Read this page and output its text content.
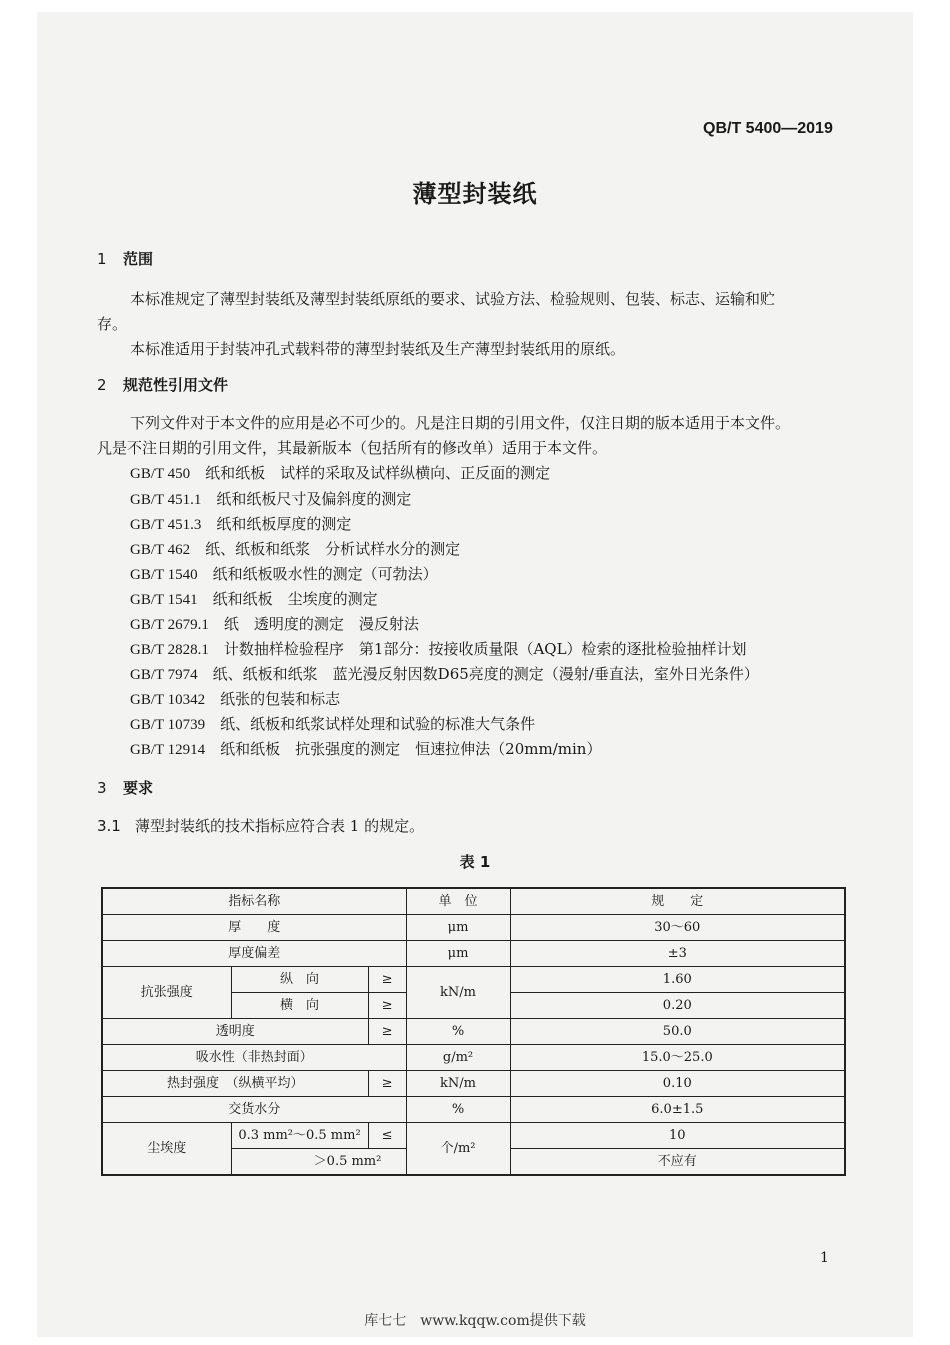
QB/T 5400—2019
薄型封装纸
1 范围
本标准规定了薄型封装纸及薄型封装纸原纸的要求、试验方法、检验规则、包装、标志、运输和贮
存。
本标准适用于封装冲孔式载料带的薄型封装纸及生产薄型封装纸用的原纸。
2 规范性引用文件
下列文件对于本文件的应用是必不可少的。凡是注日期的引用文件，仅注日期的版本适用于本文件。
凡是不注日期的引用文件，其最新版本（包括所有的修改单）适用于本文件。
GB/T 450　 纸和纸板　试样的采取及试样纵横向、正反面的测定
GB/T 451.1　 纸和纸板尺寸及偏斜度的测定
GB/T 451.3　 纸和纸板厚度的测定
GB/T 462　 纸、纸板和纸浆　分析试样水分的测定
GB/T 1540　 纸和纸板吸水性的测定（可勃法）
GB/T 1541　 纸和纸板　尘埃度的测定
GB/T 2679.1　 纸　透明度的测定　漫反射法
GB/T 2828.1　 计数抽样检验程序　第1部分：按接收质量限（AQL）检索的逐批检验抽样计划
GB/T 7974　 纸、纸板和纸浆　蓝光漫反射因数D65亮度的测定（漫射/垂直法，室外日光条件）
GB/T 10342　 纸张的包装和标志
GB/T 10739　 纸、纸板和纸浆试样处理和试验的标准大气条件
GB/T 12914　 纸和纸板　抗张强度的测定　恒速拉伸法（20mm/min）
3 要求
3.1 薄型封装纸的技术指标应符合表 1 的规定。
表 1
指标名称			单　位	规　　定
厚　　度			μm	30～60
厚度偏差			μm	±3
抗张强度	纵　向	≥	kN/m	1.60
	横　向	≥		0.20
透明度		≥	%	50.0
吸水性（非热封面）			g/m²	15.0～25.0
热封强度　（纵横平均）		≥	kN/m	0.10
交货水分			%	6.0±1.5
尘埃度	0.3 mm²～0.5 mm²	≤	个/m²	10
	＞0.5 mm²			不应有
1
库七七　www.kqqw.com提供下载
